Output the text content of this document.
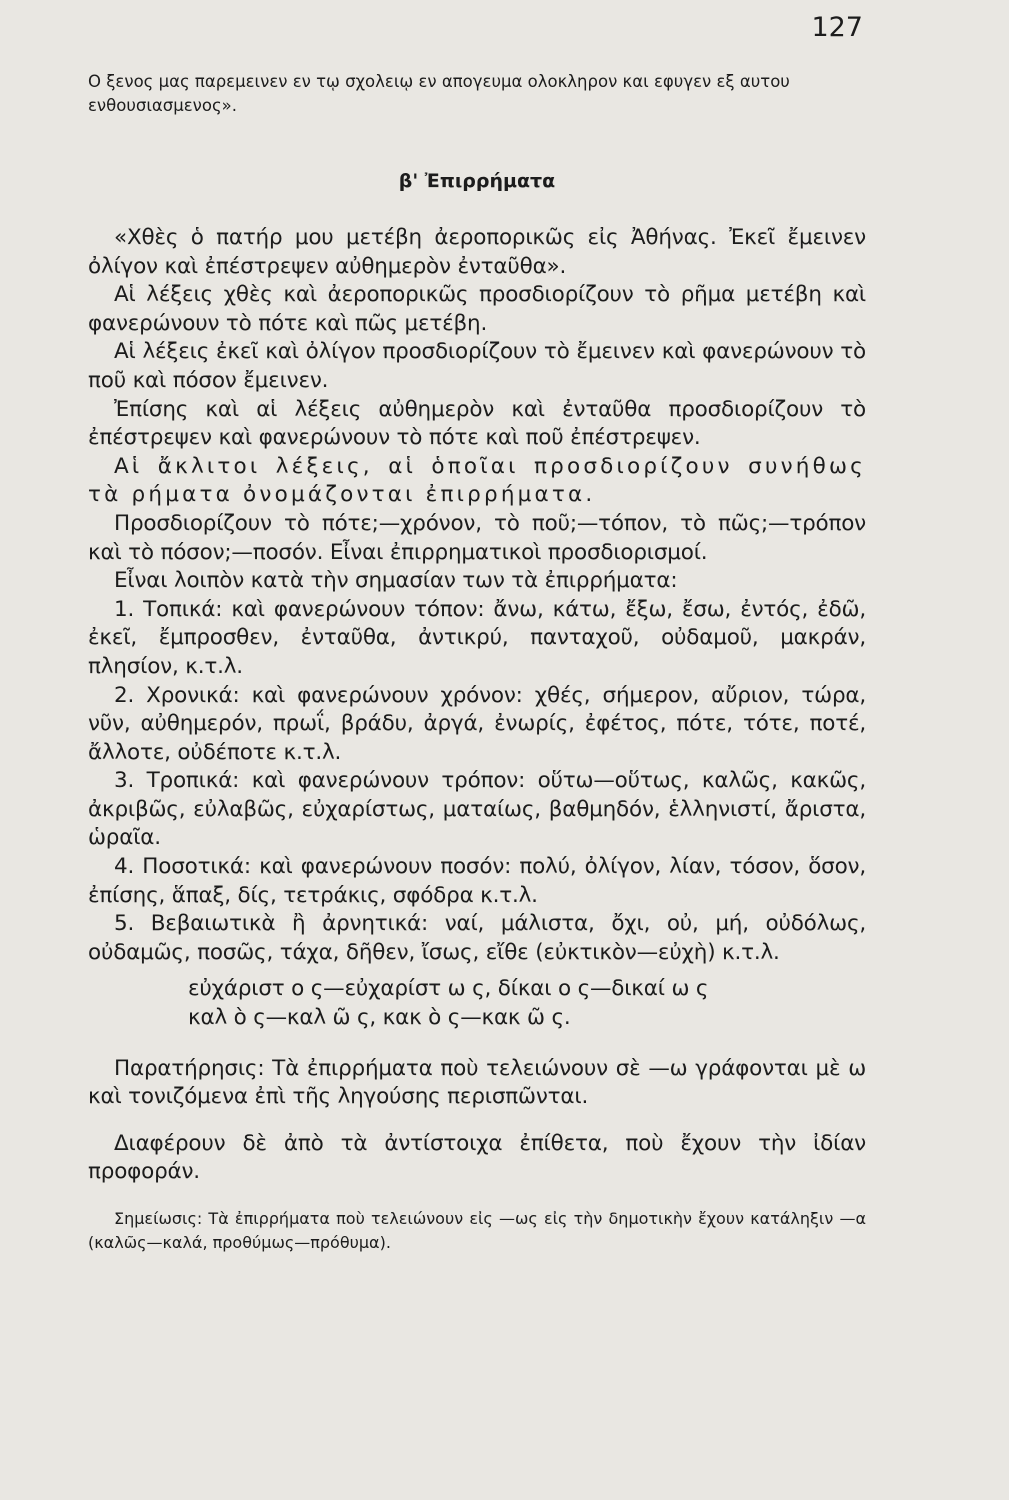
127

Ο ξενος μας παρεμεινεν εν τῳ σχολειῳ εν απογευμα ολοκληρον και εφυγεν εξ αυτου ενθουσιασμενος».

β' Ἐπιρρήματα

«Χθὲς ὁ πατήρ μου μετέβη ἀεροπορικῶς εἰς Ἀθήνας. Ἐκεῖ ἔμεινεν ὀλίγον καὶ ἐπέστρεψεν αὐθημερὸν ἐνταῦθα».

Αἱ λέξεις χθὲς καὶ ἀεροπορικῶς προσδιορίζουν τὸ ρῆμα μετέβη καὶ φανερώνουν τὸ πότε καὶ πῶς μετέβη.

Αἱ λέξεις ἐκεῖ καὶ ὀλίγον προσδιορίζουν τὸ ἔμεινεν καὶ φανερώνουν τὸ ποῦ καὶ πόσον ἔμεινεν.

Ἐπίσης καὶ αἱ λέξεις αὐθημερὸν καὶ ἐνταῦθα προσδιορίζουν τὸ ἐπέστρεψεν καὶ φανερώνουν τὸ πότε καὶ ποῦ ἐπέστρεψεν.

Αἱ ἄκλιτοι λέξεις, αἱ ὁποῖαι προσδιορίζουν συνήθως τὰ ρήματα ὀνομάζονται ἐπιρρήματα.

Προσδιορίζουν τὸ πότε;—χρόνον, τὸ ποῦ;—τόπον, τὸ πῶς;—τρόπον καὶ τὸ πόσον;—ποσόν. Εἶναι ἐπιρρηματικοὶ προσδιορισμοί.

Εἶναι λοιπὸν κατὰ τὴν σημασίαν των τὰ ἐπιρρήματα:

1. Τοπικά: καὶ φανερώνουν τόπον: ἄνω, κάτω, ἔξω, ἔσω, ἐντός, ἐδῶ, ἐκεῖ, ἔμπροσθεν, ἐνταῦθα, ἀντικρύ, πανταχοῦ, οὐδαμοῦ, μακράν, πλησίον, κ.τ.λ.

2. Χρονικά: καὶ φανερώνουν χρόνον: χθές, σήμερον, αὔριον, τώρα, νῦν, αὐθημερόν, πρωΐ, βράδυ, ἀργά, ἐνωρίς, ἐφέτος, πότε, τότε, ποτέ, ἄλλοτε, οὐδέποτε κ.τ.λ.

3. Τροπικά: καὶ φανερώνουν τρόπον: οὕτω—οὕτως, καλῶς, κακῶς, ἀκριβῶς, εὐλαβῶς, εὐχαρίστως, ματαίως, βαθμηδόν, ἑλληνιστί, ἄριστα, ὡραῖα.

4. Ποσοτικά: καὶ φανερώνουν ποσόν: πολύ, ὀλίγον, λίαν, τόσον, ὅσον, ἐπίσης, ἅπαξ, δίς, τετράκις, σφόδρα κ.τ.λ.

5. Βεβαιωτικὰ ἢ ἀρνητικά: ναί, μάλιστα, ὄχι, οὐ, μή, οὐδόλως, οὐδαμῶς, ποσῶς, τάχα, δῆθεν, ἴσως, εἴθε (εὐκτικὸν—εὐχὴ) κ.τ.λ.

εὐχάριστ ο ς—εὐχαρίστ ω ς, δίκαι ο ς—δικαί ω ς
καλ ὸ ς—καλ ῶ ς, κακ ὸ ς—κακ ῶ ς.

Παρατήρησις: Τὰ ἐπιρρήματα ποὺ τελειώνουν σὲ —ω γράφονται μὲ ω καὶ τονιζόμενα ἐπὶ τῆς ληγούσης περισπῶνται.

Διαφέρουν δὲ ἀπὸ τὰ ἀντίστοιχα ἐπίθετα, ποὺ ἔχουν τὴν ἰδίαν προφοράν.

Σημείωσις: Τὰ ἐπιρρήματα ποὺ τελειώνουν εἰς —ως εἰς τὴν δημοτικὴν ἔχουν κατάληξιν —α (καλῶς—καλά, προθύμως—πρόθυμα).
